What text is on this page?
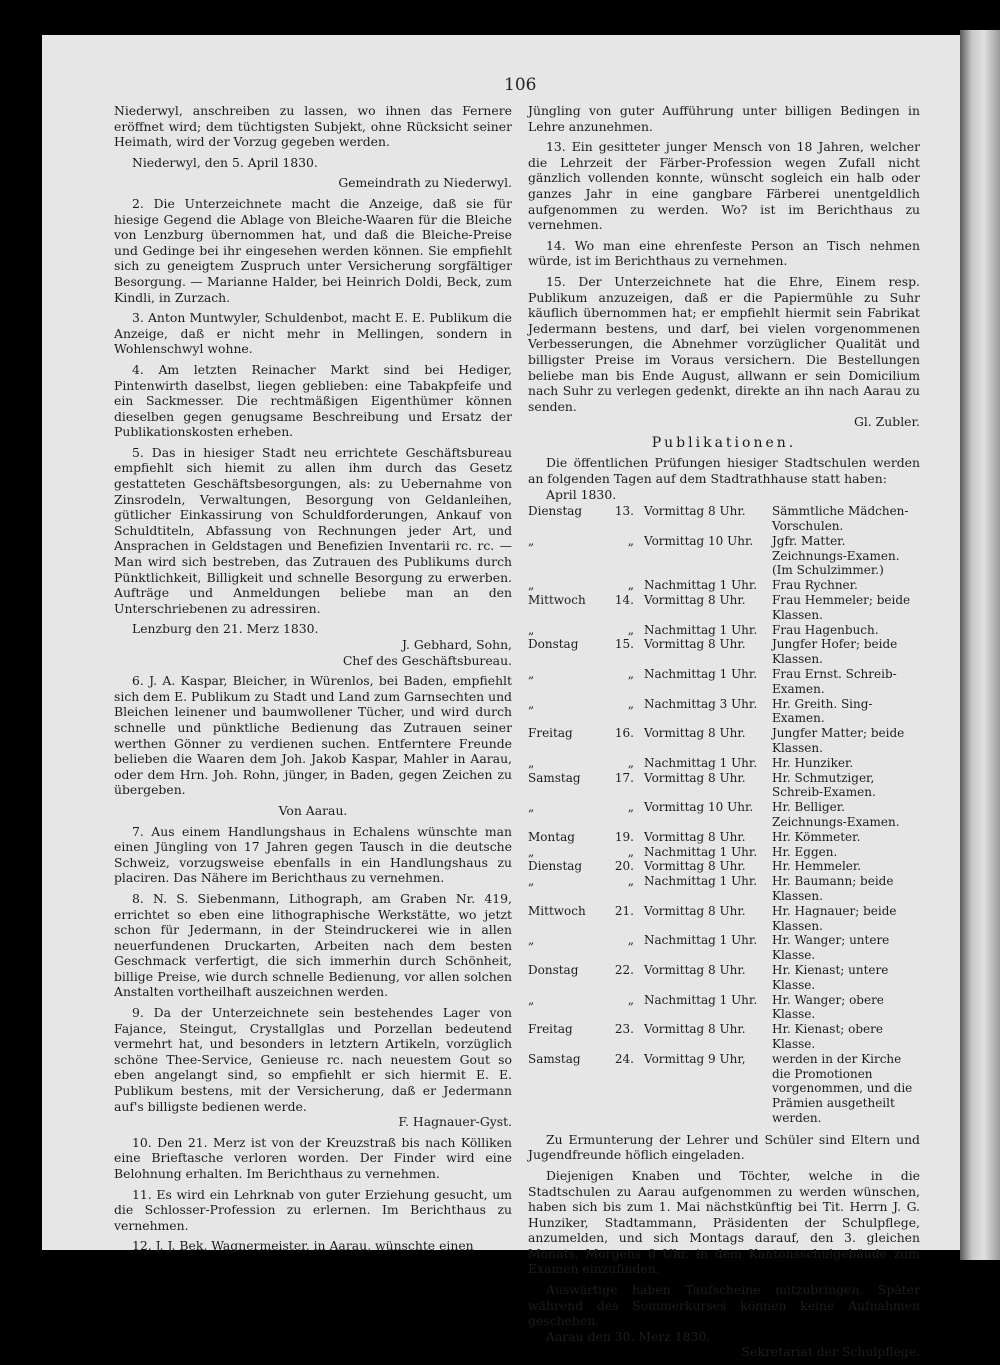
106

Niederwyl, anschreiben zu lassen, wo ihnen das Fernere eröffnet wird; dem tüchtigsten Subjekt, ohne Rücksicht seiner Heimath, wird der Vorzug gegeben werden.

Niederwyl, den 5. April 1830.

Gemeindrath zu Niederwyl.

2. Die Unterzeichnete macht die Anzeige, daß sie für hiesige Gegend die Ablage von Bleiche-Waaren für die Bleiche von Lenzburg übernommen hat, und daß die Bleiche-Preise und Gedinge bei ihr eingesehen werden können. Sie empfiehlt sich zu geneigtem Zuspruch unter Versicherung sorgfältiger Besorgung. — Marianne Halder, bei Heinrich Doldi, Beck, zum Kindli, in Zurzach.

3. Anton Muntwyler, Schuldenbot, macht E. E. Publikum die Anzeige, daß er nicht mehr in Mellingen, sondern in Wohlenschwyl wohne.

4. Am letzten Reinacher Markt sind bei Hediger, Pintenwirth daselbst, liegen geblieben: eine Tabakpfeife und ein Sackmesser. Die rechtmäßigen Eigenthümer können dieselben gegen genugsame Beschreibung und Ersatz der Publikationskosten erheben.

5. Das in hiesiger Stadt neu errichtete Geschäftsbureau empfiehlt sich hiemit zu allen ihm durch das Gesetz gestatteten Geschäftsbesorgungen, als: zu Uebernahme von Zinsrodeln, Verwaltungen, Besorgung von Geldanleihen, gütlicher Einkassirung von Schuldforderungen, Ankauf von Schuldtiteln, Abfassung von Rechnungen jeder Art, und Ansprachen in Geldstagen und Benefizien Inventarii rc. rc. — Man wird sich bestreben, das Zutrauen des Publikums durch Pünktlichkeit, Billigkeit und schnelle Besorgung zu erwerben. Aufträge und Anmeldungen beliebe man an den Unterschriebenen zu adressiren.

Lenzburg den 21. Merz 1830.

J. Gebhard, Sohn,

Chef des Geschäftsbureau.

6. J. A. Kaspar, Bleicher, in Würenlos, bei Baden, empfiehlt sich dem E. Publikum zu Stadt und Land zum Garnsechten und Bleichen leinener und baumwollener Tücher, und wird durch schnelle und pünktliche Bedienung das Zutrauen seiner werthen Gönner zu verdienen suchen. Entferntere Freunde belieben die Waaren dem Joh. Jakob Kaspar, Mahler in Aarau, oder dem Hrn. Joh. Rohn, jünger, in Baden, gegen Zeichen zu übergeben.

Von Aarau.

7. Aus einem Handlungshaus in Echalens wünschte man einen Jüngling von 17 Jahren gegen Tausch in die deutsche Schweiz, vorzugsweise ebenfalls in ein Handlungshaus zu placiren. Das Nähere im Berichthaus zu vernehmen.

8. N. S. Siebenmann, Lithograph, am Graben Nr. 419, errichtet so eben eine lithographische Werkstätte, wo jetzt schon für Jedermann, in der Steindruckerei wie in allen neuerfundenen Druckarten, Arbeiten nach dem besten Geschmack verfertigt, die sich immerhin durch Schönheit, billige Preise, wie durch schnelle Bedienung, vor allen solchen Anstalten vortheilhaft auszeichnen werden.

9. Da der Unterzeichnete sein bestehendes Lager von Fajance, Steingut, Crystallglas und Porzellan bedeutend vermehrt hat, und besonders in letztern Artikeln, vorzüglich schöne Thee-Service, Genieuse rc. nach neuestem Gout so eben angelangt sind, so empfiehlt er sich hiermit E. E. Publikum bestens, mit der Versicherung, daß er Jedermann auf's billigste bedienen werde.

F. Hagnauer-Gyst.

10. Den 21. Merz ist von der Kreuzstraß bis nach Kölliken eine Brieftasche verloren worden. Der Finder wird eine Belohnung erhalten. Im Berichthaus zu vernehmen.

11. Es wird ein Lehrknab von guter Erziehung gesucht, um die Schlosser-Profession zu erlernen. Im Berichthaus zu vernehmen.

12. J. J. Bek, Wagnermeister, in Aarau, wünschte einen

Jüngling von guter Aufführung unter billigen Bedingen in Lehre anzunehmen.

13. Ein gesitteter junger Mensch von 18 Jahren, welcher die Lehrzeit der Färber-Profession wegen Zufall nicht gänzlich vollenden konnte, wünscht sogleich ein halb oder ganzes Jahr in eine gangbare Färberei unentgeldlich aufgenommen zu werden. Wo? ist im Berichthaus zu vernehmen.

14. Wo man eine ehrenfeste Person an Tisch nehmen würde, ist im Berichthaus zu vernehmen.

15. Der Unterzeichnete hat die Ehre, Einem resp. Publikum anzuzeigen, daß er die Papiermühle zu Suhr käuflich übernommen hat; er empfiehlt hiermit sein Fabrikat Jedermann bestens, und darf, bei vielen vorgenommenen Verbesserungen, die Abnehmer vorzüglicher Qualität und billigster Preise im Voraus versichern. Die Bestellungen beliebe man bis Ende August, allwann er sein Domicilium nach Suhr zu verlegen gedenkt, direkte an ihn nach Aarau zu senden.

Gl. Zubler.

Publikationen.

Die öffentlichen Prüfungen hiesiger Stadtschulen werden an folgenden Tagen auf dem Stadtrathhause statt haben:

April 1830.

Dienstag	13.	Vormittag 8 Uhr.	Sämmtliche Mädchen-Vorschulen.
„	„	Vormittag 10 Uhr.	Jgfr. Matter. Zeichnungs-Examen. (Im Schulzimmer.)
„	„	Nachmittag 1 Uhr.	Frau Rychner.
Mittwoch	14.	Vormittag 8 Uhr.	Frau Hemmeler; beide Klassen.
„	„	Nachmittag 1 Uhr.	Frau Hagenbuch.
Donstag	15.	Vormittag 8 Uhr.	Jungfer Hofer; beide Klassen.
„	„	Nachmittag 1 Uhr.	Frau Ernst. Schreib-Examen.
„	„	Nachmittag 3 Uhr.	Hr. Greith. Sing-Examen.
Freitag	16.	Vormittag 8 Uhr.	Jungfer Matter; beide Klassen.
„	„	Nachmittag 1 Uhr.	Hr. Hunziker.
Samstag	17.	Vormittag 8 Uhr.	Hr. Schmutziger, Schreib-Examen.
„	„	Vormittag 10 Uhr.	Hr. Belliger. Zeichnungs-Examen.
Montag	19.	Vormittag 8 Uhr.	Hr. Kömmeter.
„	„	Nachmittag 1 Uhr.	Hr. Eggen.
Dienstag	20.	Vormittag 8 Uhr.	Hr. Hemmeler.
„	„	Nachmittag 1 Uhr.	Hr. Baumann; beide Klassen.
Mittwoch	21.	Vormittag 8 Uhr.	Hr. Hagnauer; beide Klassen.
„	„	Nachmittag 1 Uhr.	Hr. Wanger; untere Klasse.
Donstag	22.	Vormittag 8 Uhr.	Hr. Kienast; untere Klasse.
„	„	Nachmittag 1 Uhr.	Hr. Wanger; obere Klasse.
Freitag	23.	Vormittag 8 Uhr.	Hr. Kienast; obere Klasse.
Samstag	24.	Vormittag 9 Uhr,	werden in der Kirche die Promotionen vorgenommen, und die Prämien ausgetheilt werden.

Zu Ermunterung der Lehrer und Schüler sind Eltern und Jugendfreunde höflich eingeladen.

Diejenigen Knaben und Töchter, welche in die Stadtschulen zu Aarau aufgenommen zu werden wünschen, haben sich bis zum 1. Mai nächstkünftig bei Tit. Herrn J. G. Hunziker, Stadtammann, Präsidenten der Schulpflege, anzumelden, und sich Montags darauf, den 3. gleichen Monats, Morgens 8 Uhr, in dem Kantonsschulgebäude zum Examen einzufinden.

Auswärtige haben Taufscheine mitzubringen. Später während des Sommerkurses können keine Aufnahmen geschehen.

Aarau den 30. Merz 1830.

Sekretariat der Schulpflege.
